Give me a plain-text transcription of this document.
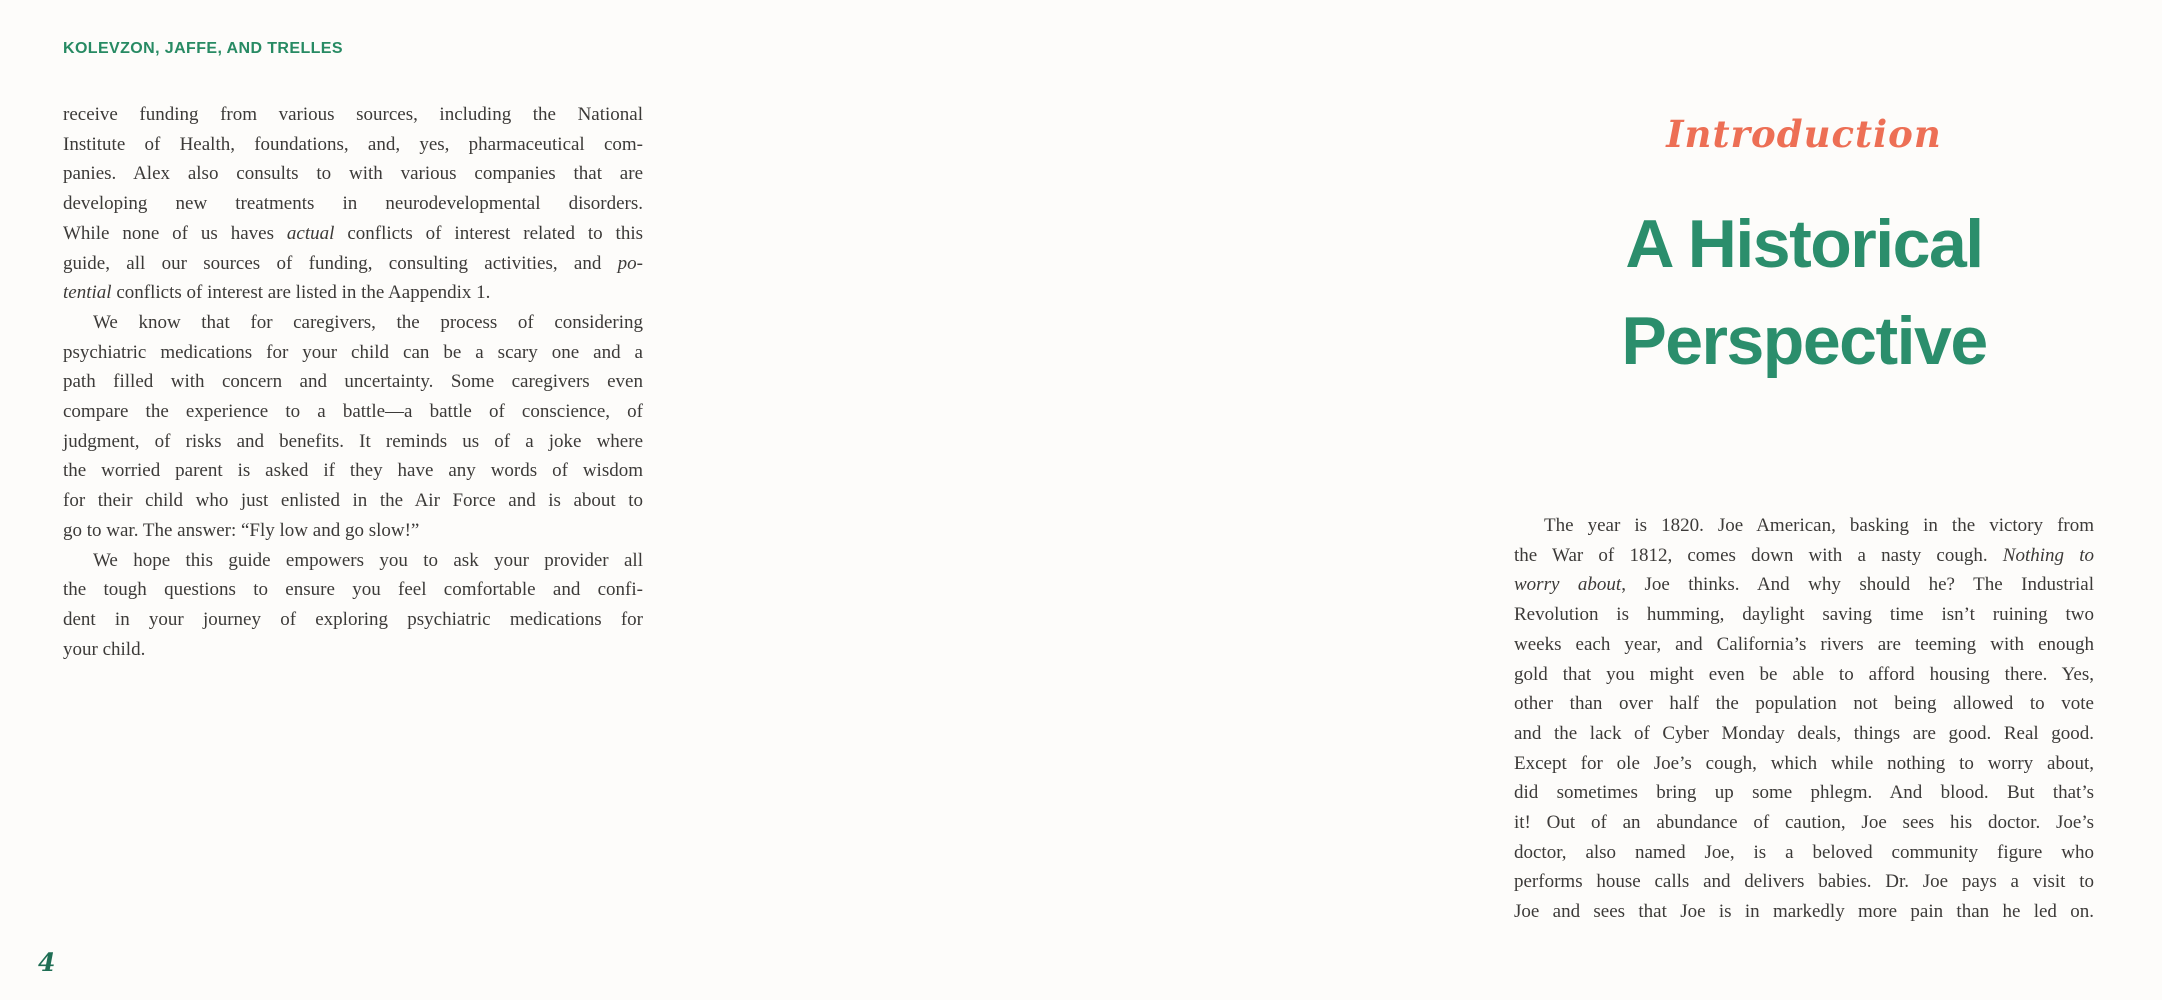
KOLEVZON, JAFFE, AND TRELLES
receive funding from various sources, including the National
Institute of Health, foundations, and, yes, pharmaceutical com-
panies. Alex also consults to with various companies that are
developing new treatments in neurodevelopmental disorders.
While none of us haves actual conflicts of interest related to this
guide, all our sources of funding, consulting activities, and po-
tential conflicts of interest are listed in the Aappendix 1.
We know that for caregivers, the process of considering
psychiatric medications for your child can be a scary one and a
path filled with concern and uncertainty. Some caregivers even
compare the experience to a battle—a battle of conscience, of
judgment, of risks and benefits. It reminds us of a joke where
the worried parent is asked if they have any words of wisdom
for their child who just enlisted in the Air Force and is about to
go to war. The answer: “Fly low and go slow!”
We hope this guide empowers you to ask your provider all
the tough questions to ensure you feel comfortable and confi-
dent in your journey of exploring psychiatric medications for
your child.
4
Introduction
A Historical
Perspective
The year is 1820. Joe American, basking in the victory from
the War of 1812, comes down with a nasty cough. Nothing to
worry about, Joe thinks. And why should he? The Industrial
Revolution is humming, daylight saving time isn’t ruining two
weeks each year, and California’s rivers are teeming with enough
gold that you might even be able to afford housing there. Yes,
other than over half the population not being allowed to vote
and the lack of Cyber Monday deals, things are good. Real good.
Except for ole Joe’s cough, which while nothing to worry about,
did sometimes bring up some phlegm. And blood. But that’s
it! Out of an abundance of caution, Joe sees his doctor. Joe’s
doctor, also named Joe, is a beloved community figure who
performs house calls and delivers babies. Dr. Joe pays a visit to
Joe and sees that Joe is in markedly more pain than he led on.
